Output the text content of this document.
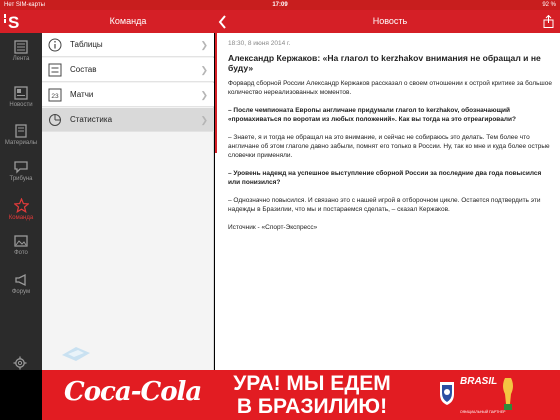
Нет SIM-карты	17:09	92 %
S	Команда	Новость
Лента
Новости
Материалы
Трибуна
Команда
Фото
Форум
Таблицы	❯
Состав	❯
23 Матчи	❯
Статистика	❯
18:30, 8 июня 2014 г.
Александр Кержаков: «На глагол to kerzhakov внимания не обращал и не буду»

Форвард сборной России Александр Кержаков рассказал о своем отношении к острой критике за большое количество нереализованных моментов.

– После чемпионата Европы англичане придумали глагол to kerzhakov, обозначающий «промахиваться по воротам из любых положений». Как вы тогда на это отреагировали?

– Знаете, я и тогда не обращал на это внимание, и сейчас не собираюсь это делать. Тем более что англичане об этом глаголе давно забыли, помнят его только в России. Ну, так ко мне и куда более острые словечки применяли.

– Уровень надежд на успешное выступление сборной России за последние два года повысился или понизился?

– Однозначно повысился. И связано это с нашей игрой в отборочном цикле. Остается подтвердить эти надежды в Бразилии, что мы и постараемся сделать, – сказал Кержаков.

Источник - «Спорт-Экспресс»

Coca-Cola	УРА! МЫ ЕДЕМ
В БРАЗИЛИЮ!
BRASIL
ОФИЦИАЛЬНЫЙ ПАРТНЕР
